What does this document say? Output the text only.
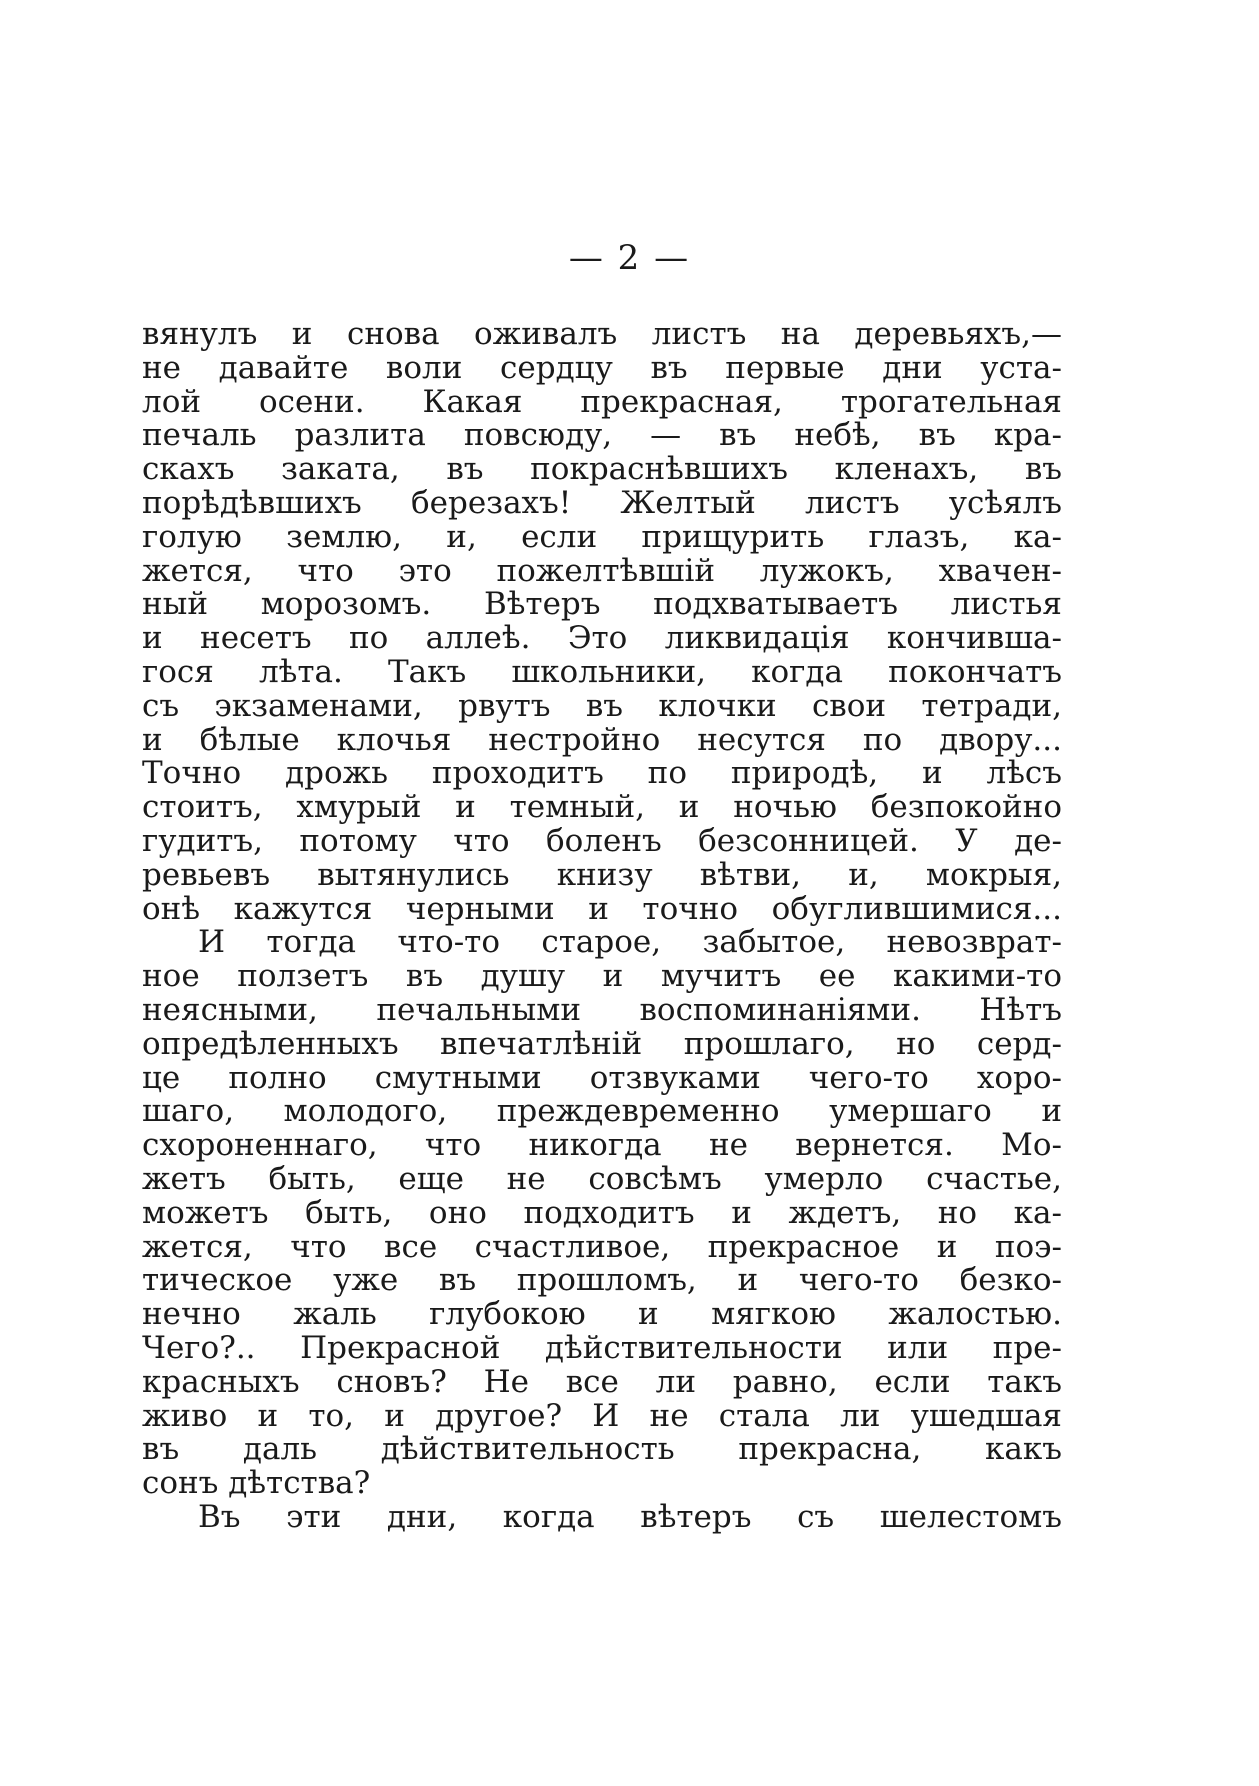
— 2 —
вянулъ и снова оживалъ листъ на деревьяхъ,—
не давайте воли сердцу въ первые дни уста-
лой осени. Какая прекрасная, трогательная
печаль разлита повсюду, — въ небѣ, въ кра-
скахъ заката, въ покраснѣвшихъ кленахъ, въ
порѣдѣвшихъ березахъ! Желтый листъ усѣялъ
голую землю, и, если прищурить глазъ, ка-
жется, что это пожелтѣвшій лужокъ, хвачен-
ный морозомъ. Вѣтеръ подхватываетъ листья
и несетъ по аллеѣ. Это ликвидація кончивша-
гося лѣта. Такъ школьники, когда покончатъ
съ экзаменами, рвутъ въ клочки свои тетради,
и бѣлые клочья нестройно несутся по двору...
Точно дрожь проходитъ по природѣ, и лѣсъ
стоитъ, хмурый и темный, и ночью безпокойно
гудитъ, потому что боленъ безсонницей. У де-
ревьевъ вытянулись книзу вѣтви, и, мокрыя,
онѣ кажутся черными и точно обуглившимися...
И тогда что-то старое, забытое, невозврат-
ное ползетъ въ душу и мучитъ ее какими-то
неясными, печальными воспоминаніями. Нѣтъ
опредѣленныхъ впечатлѣній прошлаго, но серд-
це полно смутными отзвуками чего-то хоро-
шаго, молодого, преждевременно умершаго и
схороненнаго, что никогда не вернется. Мо-
жетъ быть, еще не совсѣмъ умерло счастье,
можетъ быть, оно подходитъ и ждетъ, но ка-
жется, что все счастливое, прекрасное и поэ-
тическое уже въ прошломъ, и чего-то безко-
нечно жаль глубокою и мягкою жалостью.
Чего?.. Прекрасной дѣйствительности или пре-
красныхъ сновъ? Не все ли равно, если такъ
живо и то, и другое? И не стала ли ушедшая
въ даль дѣйствительность прекрасна, какъ
сонъ дѣтства?
Въ эти дни, когда вѣтеръ съ шелестомъ
